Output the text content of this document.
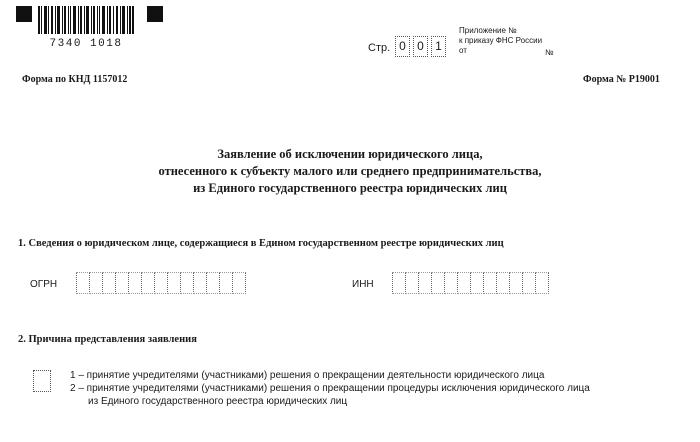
7340 1018	Стр. 0 0 1
Приложение №
к приказу ФНС России
от	№
Форма по КНД 1157012	Форма № Р19001
Заявление об исключении юридического лица,
отнесенного к субъекту малого или среднего предпринимательства,
из Единого государственного реестра юридических лиц
1. Сведения о юридическом лице, содержащиеся в Едином государственном реестре юридических лиц
ОГРН	ИНН
2. Причина представления заявления
1 – принятие учредителями (участниками) решения о прекращении деятельности юридического лица
2 – принятие учредителями (участниками) решения о прекращении процедуры исключения юридического лица
из Единого государственного реестра юридических лиц
